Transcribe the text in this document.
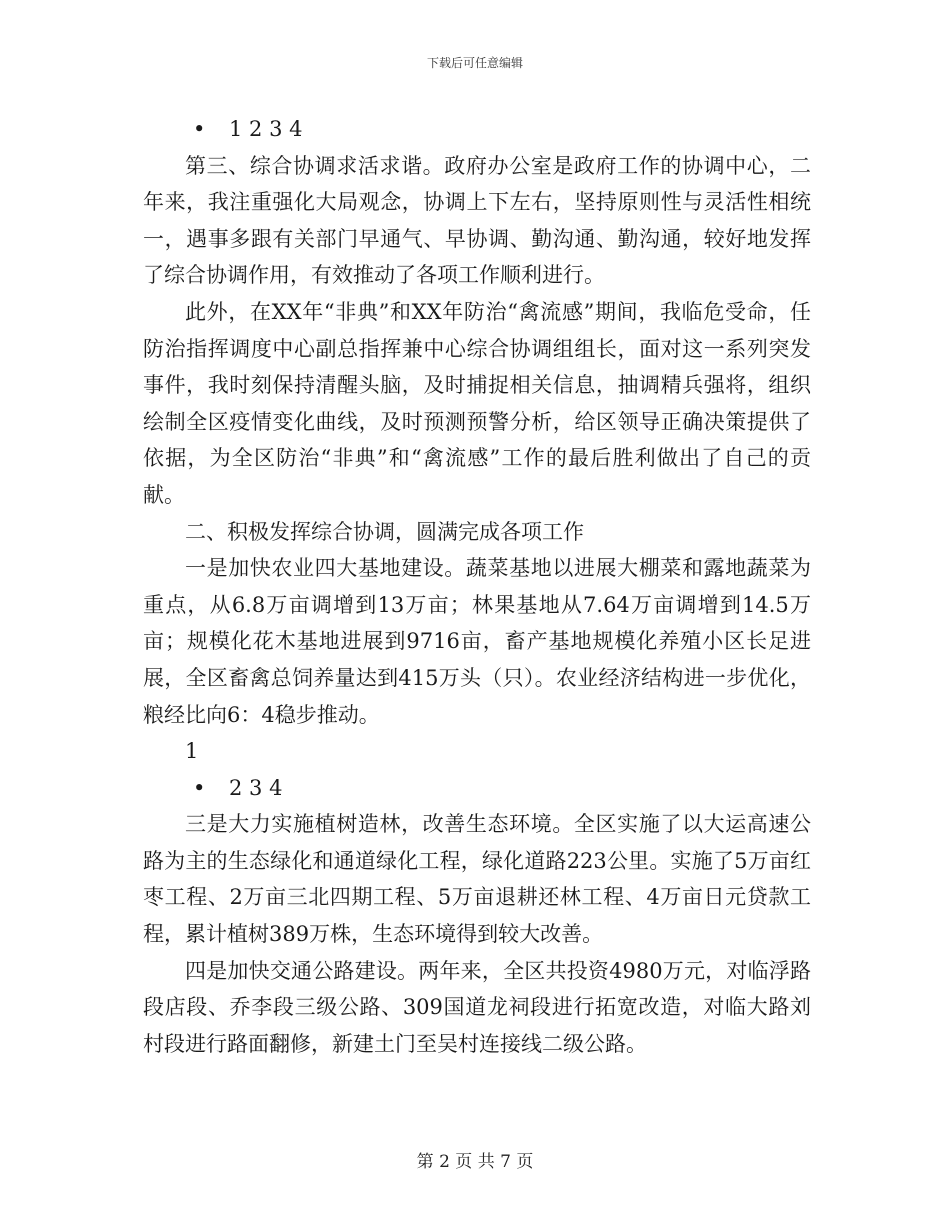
下载后可任意编辑
• 1 2 3 4

第三、综合协调求活求谐。政府办公室是政府工作的协调中心，二年来，我注重强化大局观念，协调上下左右，坚持原则性与灵活性相统一，遇事多跟有关部门早通气、早协调、勤沟通、勤沟通，较好地发挥了综合协调作用，有效推动了各项工作顺利进行。

此外，在XX年“非典”和XX年防治“禽流感”期间，我临危受命，任防治指挥调度中心副总指挥兼中心综合协调组组长，面对这一系列突发事件，我时刻保持清醒头脑，及时捕捉相关信息，抽调精兵强将，组织绘制全区疫情变化曲线，及时预测预警分析，给区领导正确决策提供了依据，为全区防治“非典”和“禽流感”工作的最后胜利做出了自己的贡献。

二、积极发挥综合协调，圆满完成各项工作

一是加快农业四大基地建设。蔬菜基地以进展大棚菜和露地蔬菜为重点，从6.8万亩调增到13万亩；林果基地从7.64万亩调增到14.5万亩；规模化花木基地进展到9716亩，畜产基地规模化养殖小区长足进展，全区畜禽总饲养量达到415万头（只）。农业经济结构进一步优化，粮经比向6：4稳步推动。

1
• 2 3 4

三是大力实施植树造林，改善生态环境。全区实施了以大运高速公路为主的生态绿化和通道绿化工程，绿化道路223公里。实施了5万亩红枣工程、2万亩三北四期工程、5万亩退耕还林工程、4万亩日元贷款工程，累计植树389万株，生态环境得到较大改善。

四是加快交通公路建设。两年来，全区共投资4980万元，对临浮路段店段、乔李段三级公路、309国道龙祠段进行拓宽改造，对临大路刘村段进行路面翻修，新建土门至吴村连接线二级公路。

第 2 页 共 7 页
